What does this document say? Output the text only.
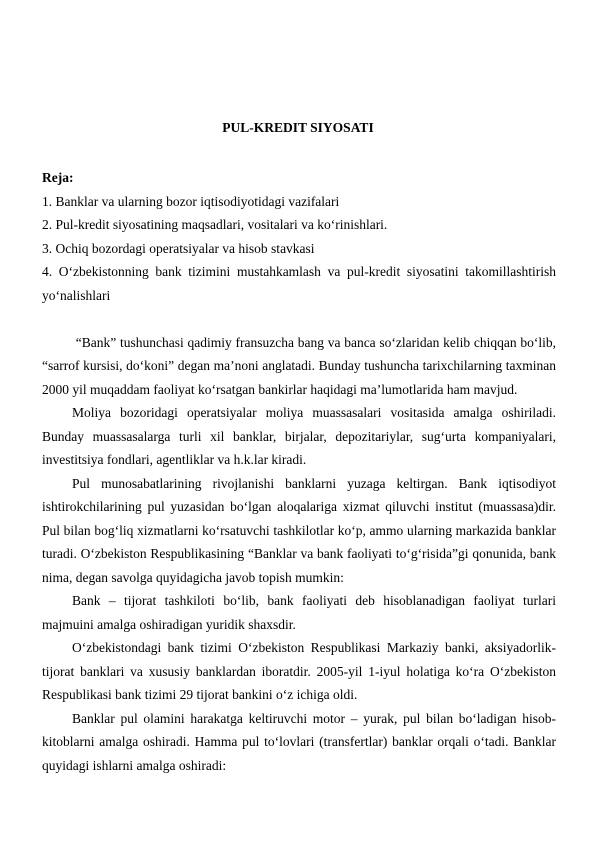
PUL-KREDIT SIYOSATI

Reja:

1. Banklar va ularning bozor iqtisodiyotidagi vazifalari
2. Pul-kredit siyosatining maqsadlari, vositalari va ko‘rinishlari.
3. Ochiq bozordagi operatsiyalar va hisob stavkasi
4. O‘zbekistonning bank tizimini mustahkamlash va pul-kredit siyosatini takomillashtirish yo‘nalishlari

“Bank” tushunchasi qadimiy fransuzcha bang va banca so‘zlaridan kelib chiqqan bo‘lib, “sarrof kursisi, do‘koni” degan ma’noni anglatadi. Bunday tushuncha tarixchilarning taxminan 2000 yil muqaddam faoliyat ko‘rsatgan bankirlar haqidagi ma’lumotlarida ham mavjud.

Moliya bozoridagi operatsiyalar moliya muassasalari vositasida amalga oshiriladi. Bunday muassasalarga turli xil banklar, birjalar, depozitariylar, sug‘urta kompaniyalari, investitsiya fondlari, agentliklar va h.k.lar kiradi.

Pul munosabatlarining rivojlanishi banklarni yuzaga keltirgan. Bank iqtisodiyot ishtirokchilarining pul yuzasidan bo‘lgan aloqalariga xizmat qiluvchi institut (muassasa)dir. Pul bilan bog‘liq xizmatlarni ko‘rsatuvchi tashkilotlar ko‘p, ammo ularning markazida banklar turadi. O‘zbekiston Respublikasining “Banklar va bank faoliyati to‘g‘risida”gi qonunida, bank nima, degan savolga quyidagicha javob topish mumkin:

Bank – tijorat tashkiloti bo‘lib, bank faoliyati deb hisoblanadigan faoliyat turlari majmuini amalga oshiradigan yuridik shaxsdir.

O‘zbekistondagi bank tizimi O‘zbekiston Respublikasi Markaziy banki, aksiyadorlik-tijorat banklari va xususiy banklardan iboratdir. 2005-yil 1-iyul holatiga ko‘ra O‘zbekiston Respublikasi bank tizimi 29 tijorat bankini o‘z ichiga oldi.

Banklar pul olamini harakatga keltiruvchi motor – yurak, pul bilan bo‘ladigan hisob-kitoblarni amalga oshiradi. Hamma pul to‘lovlari (transfertlar) banklar orqali o‘tadi. Banklar quyidagi ishlarni amalga oshiradi:
